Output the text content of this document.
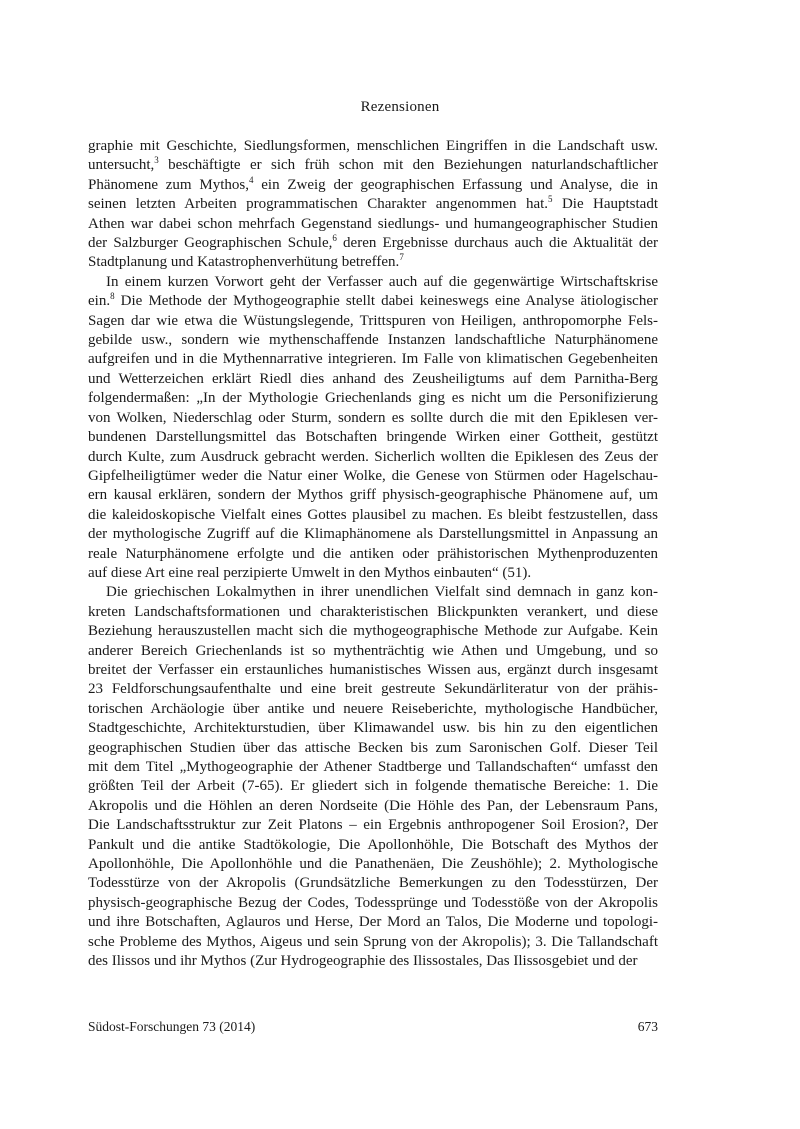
Rezensionen

graphie mit Geschichte, Siedlungsformen, menschlichen Eingriffen in die Landschaft usw.
untersucht,$^3$ beschäftigte er sich früh schon mit den Beziehungen naturlandschaftlicher
Phänomene zum Mythos,$^4$ ein Zweig der geographischen Erfassung und Analyse, die in
seinen letzten Arbeiten programmatischen Charakter angenommen hat.$^5$ Die Hauptstadt
Athen war dabei schon mehrfach Gegenstand siedlungs- und humangeographischer Studien
der Salzburger Geographischen Schule,$^6$ deren Ergebnisse durchaus auch die Aktualität der
Stadtplanung und Katastrophenverhütung betreffen.$^7$

In einem kurzen Vorwort geht der Verfasser auch auf die gegenwärtige Wirtschaftskrise
ein.$^8$ Die Methode der Mythogeographie stellt dabei keineswegs eine Analyse ätiologischer
Sagen dar wie etwa die Wüstungslegende, Trittspuren von Heiligen, anthropomorphe Fels-
gebilde usw., sondern wie mythenschaffende Instanzen landschaftliche Naturphänomene
aufgreifen und in die Mythennarrative integrieren. Im Falle von klimatischen Gegebenheiten
und Wetterzeichen erklärt Riedl dies anhand des Zeusheiligtums auf dem Parnitha-Berg
folgendermaßen: „In der Mythologie Griechenlands ging es nicht um die Personifizierung
von Wolken, Niederschlag oder Sturm, sondern es sollte durch die mit den Epiklesen ver-
bundenen Darstellungsmittel das Botschaften bringende Wirken einer Gottheit, gestützt
durch Kulte, zum Ausdruck gebracht werden. Sicherlich wollten die Epiklesen des Zeus der
Gipfelheiligtümer weder die Natur einer Wolke, die Genese von Stürmen oder Hagelschau-
ern kausal erklären, sondern der Mythos griff physisch-geographische Phänomene auf, um
die kaleidoskopische Vielfalt eines Gottes plausibel zu machen. Es bleibt festzustellen, dass
der mythologische Zugriff auf die Klimaphänomene als Darstellungsmittel in Anpassung an
reale Naturphänomene erfolgte und die antiken oder prähistorischen Mythenproduzenten
auf diese Art eine real perzipierte Umwelt in den Mythos einbauten“ (51).

Die griechischen Lokalmythen in ihrer unendlichen Vielfalt sind demnach in ganz kon-
kreten Landschaftsformationen und charakteristischen Blickpunkten verankert, und diese
Beziehung herauszustellen macht sich die mythogeographische Methode zur Aufgabe. Kein
anderer Bereich Griechenlands ist so mythenträchtig wie Athen und Umgebung, und so
breitet der Verfasser ein erstaunliches humanistisches Wissen aus, ergänzt durch insgesamt
23 Feldforschungsaufenthalte und eine breit gestreute Sekundärliteratur von der prähis-
torischen Archäologie über antike und neuere Reiseberichte, mythologische Handbücher,
Stadtgeschichte, Architekturstudien, über Klimawandel usw. bis hin zu den eigentlichen
geographischen Studien über das attische Becken bis zum Saronischen Golf. Dieser Teil
mit dem Titel „Mythogeographie der Athener Stadtberge und Tallandschaften“ umfasst den
größten Teil der Arbeit (7-65). Er gliedert sich in folgende thematische Bereiche: 1. Die
Akropolis und die Höhlen an deren Nordseite (Die Höhle des Pan, der Lebensraum Pans,
Die Landschaftsstruktur zur Zeit Platons – ein Ergebnis anthropogener Soil Erosion?, Der
Pankult und die antike Stadtökologie, Die Apollonhöhle, Die Botschaft des Mythos der
Apollonhöhle, Die Apollonhöhle und die Panathenäen, Die Zeushöhle); 2. Mythologische
Todesstürze von der Akropolis (Grundsätzliche Bemerkungen zu den Todesstürzen, Der
physisch-geographische Bezug der Codes, Todessprünge und Todesstöße von der Akropolis
und ihre Botschaften, Aglauros und Herse, Der Mord an Talos, Die Moderne und topologi-
sche Probleme des Mythos, Aigeus und sein Sprung von der Akropolis); 3. Die Tallandschaft
des Ilissos und ihr Mythos (Zur Hydrogeographie des Ilissostales, Das Ilissosgebiet und der

Südost-Forschungen 73 (2014)	673
